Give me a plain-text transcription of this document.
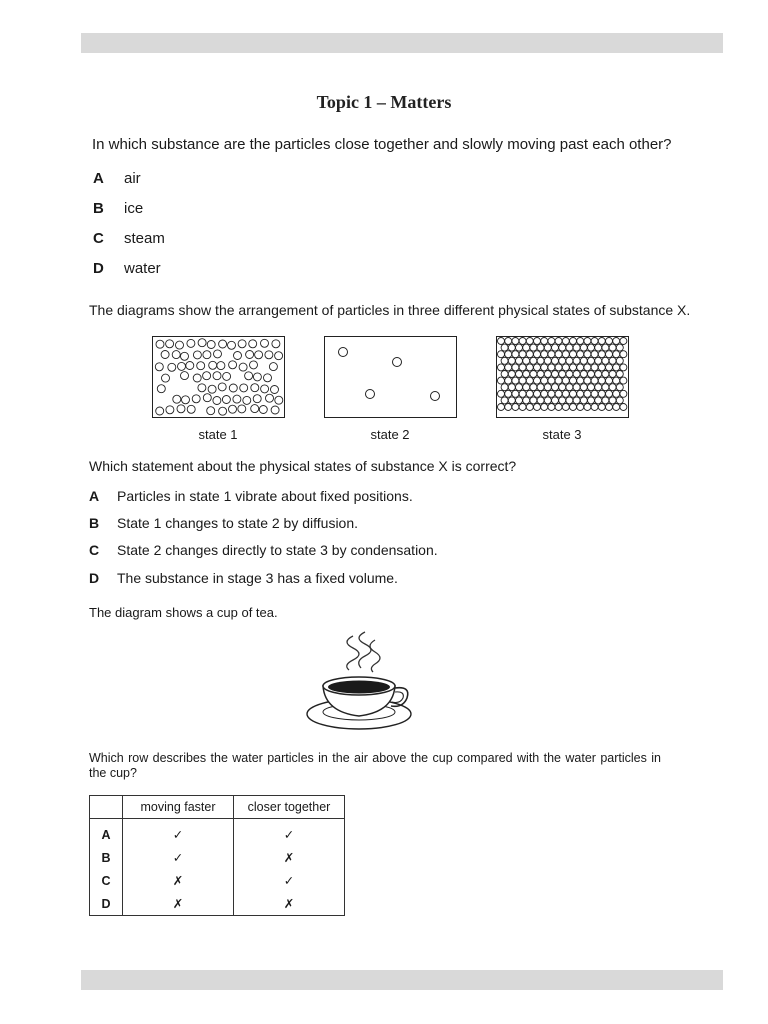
Topic 1 – Matters
In which substance are the particles close together and slowly moving past each other?
A air
B ice
C steam
D water
The diagrams show the arrangement of particles in three different physical states of substance X.
state 1	state 2	state 3
Which statement about the physical states of substance X is correct?
A Particles in state 1 vibrate about fixed positions.
B State 1 changes to state 2 by diffusion.
C State 2 changes directly to state 3 by condensation.
D The substance in stage 3 has a fixed volume.
The diagram shows a cup of tea.
Which row describes the water particles in the air above the cup compared with the water particles in the cup?
	moving faster	closer together
A	✓	✓
B	✓	✗
C	✗	✓
D	✗	✗
